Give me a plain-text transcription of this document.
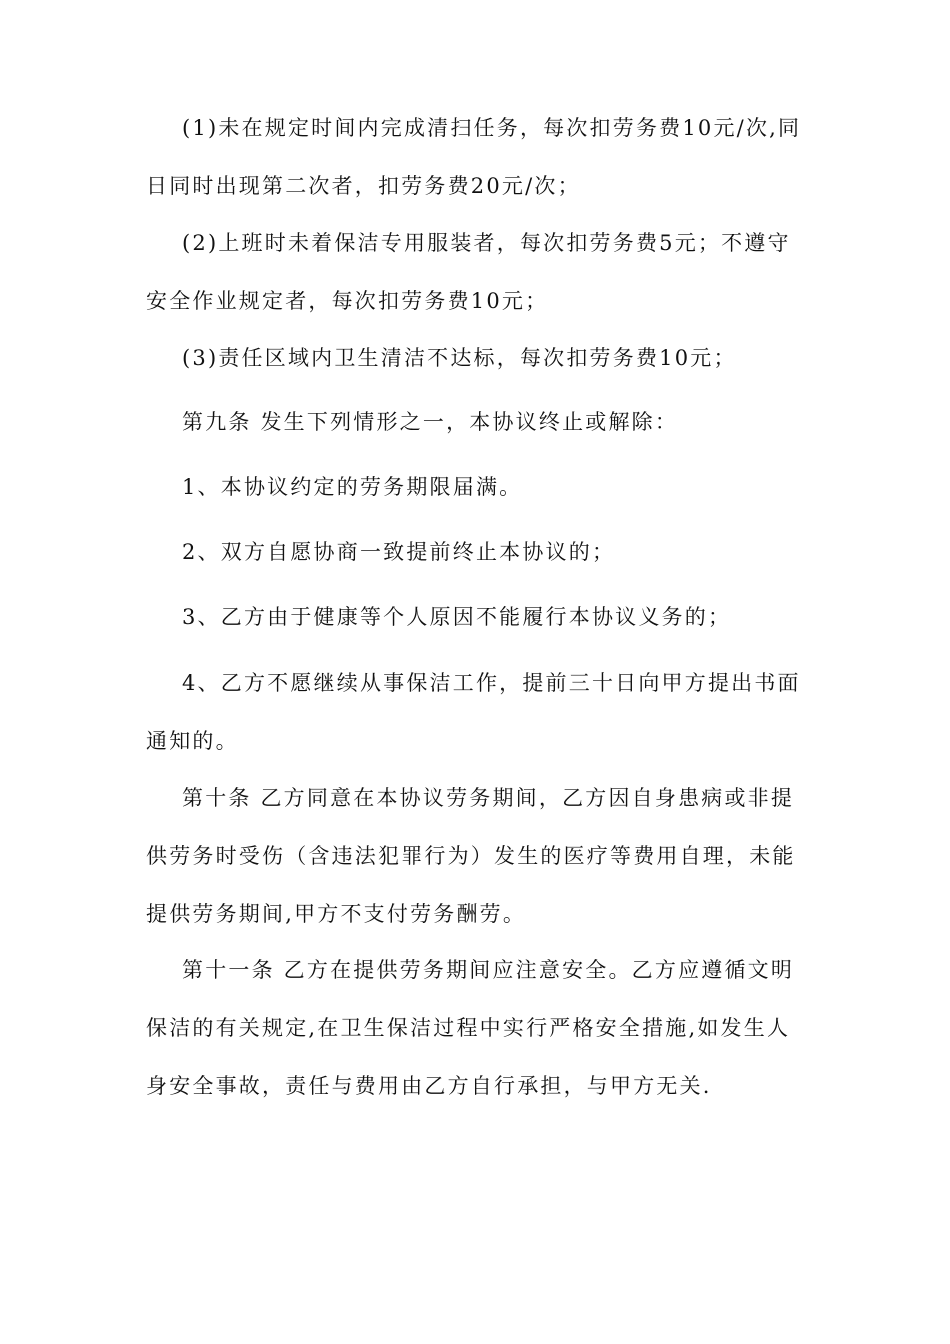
(1)未在规定时间内完成清扫任务，每次扣劳务费10元/次,同日同时出现第二次者，扣劳务费20元/次；

(2)上班时未着保洁专用服装者，每次扣劳务费5元；不遵守安全作业规定者，每次扣劳务费10元；

(3)责任区域内卫生清洁不达标，每次扣劳务费10元；

第九条 发生下列情形之一，本协议终止或解除：

1、本协议约定的劳务期限届满。

2、双方自愿协商一致提前终止本协议的；

3、乙方由于健康等个人原因不能履行本协议义务的；

4、乙方不愿继续从事保洁工作，提前三十日向甲方提出书面通知的。

第十条 乙方同意在本协议劳务期间，乙方因自身患病或非提供劳务时受伤（含违法犯罪行为）发生的医疗等费用自理，未能提供劳务期间,甲方不支付劳务酬劳。

第十一条 乙方在提供劳务期间应注意安全。乙方应遵循文明保洁的有关规定,在卫生保洁过程中实行严格安全措施,如发生人身安全事故，责任与费用由乙方自行承担，与甲方无关.
